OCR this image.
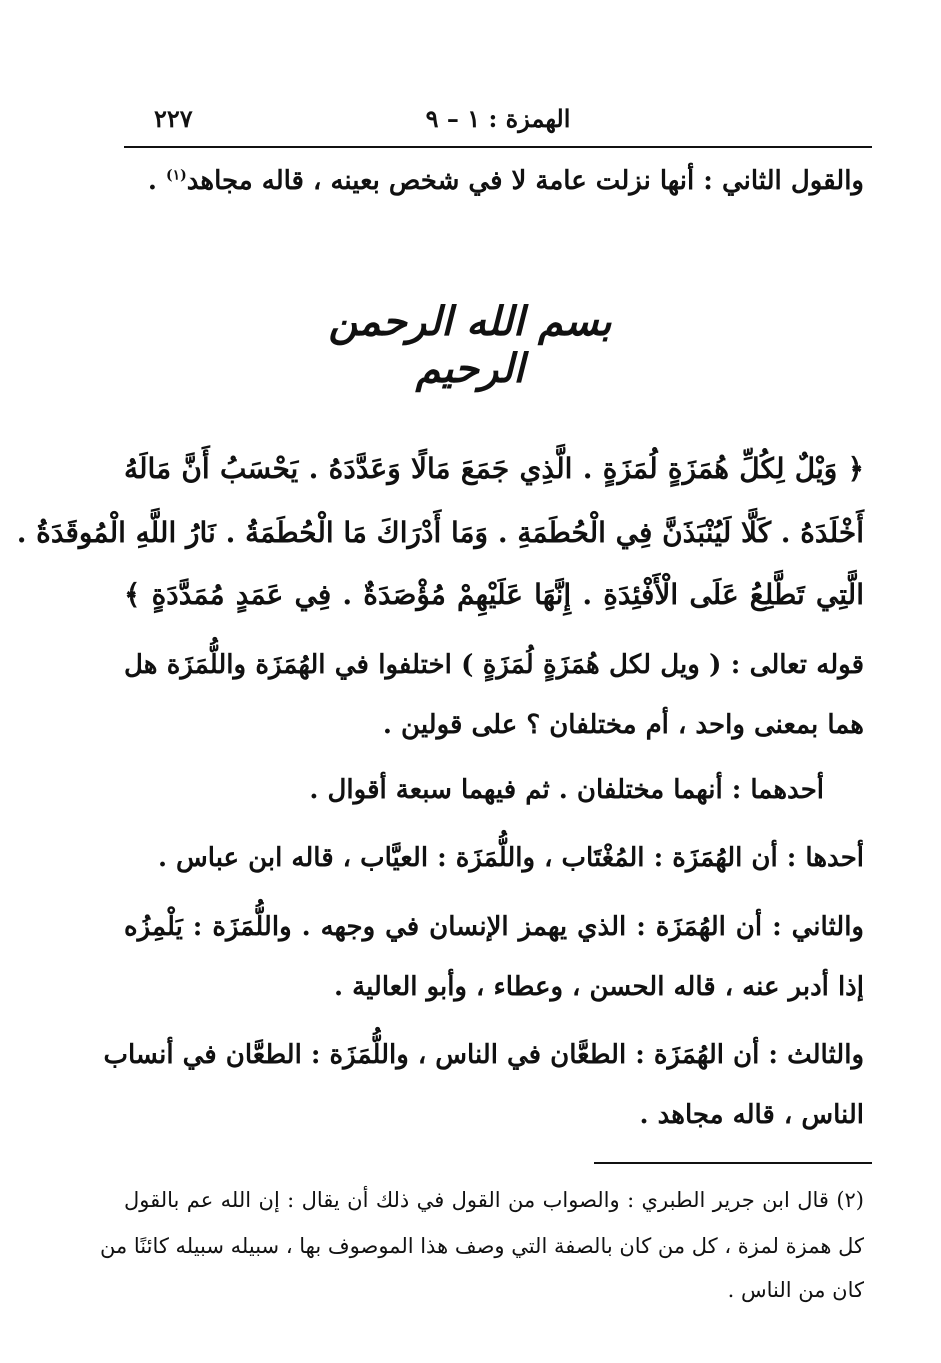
٢٢٧	الهمزة : ١ – ٩
والقول الثاني : أنها نزلت عامة لا في شخص بعينه ، قاله مجاهد$^{(١)}$ .
بسم الله الرحمن الرحيم
﴿ وَيْلٌ لِكُلِّ هُمَزَةٍ لُمَزَةٍ . الَّذِي جَمَعَ مَالًا وَعَدَّدَهُ . يَحْسَبُ أَنَّ مَالَهُ
أَخْلَدَهُ . كَلَّا لَيُنْبَذَنَّ فِي الْحُطَمَةِ . وَمَا أَدْرَاكَ مَا الْحُطَمَةُ . نَارُ اللَّهِ الْمُوقَدَةُ .
الَّتِي تَطَّلِعُ عَلَى الْأَفْئِدَةِ . إِنَّهَا عَلَيْهِمْ مُؤْصَدَةٌ . فِي عَمَدٍ مُمَدَّدَةٍ ﴾
قوله تعالى : ( ويل لكل هُمَزَةٍ لُمَزَةٍ ) اختلفوا في الهُمَزَة واللُّمَزَة هل
هما بمعنى واحد ، أم مختلفان ؟ على قولين .
أحدهما : أنهما مختلفان . ثم فيهما سبعة أقوال .
أحدها : أن الهُمَزَة : المُغْتَاب ، واللُّمَزَة : العيَّاب ، قاله ابن عباس .
والثاني : أن الهُمَزَة : الذي يهمز الإنسان في وجهه . واللُّمَزَة : يَلْمِزُه
إذا أدبر عنه ، قاله الحسن ، وعطاء ، وأبو العالية .
والثالث : أن الهُمَزَة : الطعَّان في الناس ، واللُّمَزَة : الطعَّان في أنساب
الناس ، قاله مجاهد .
(٢) قال ابن جرير الطبري : والصواب من القول في ذلك أن يقال : إن الله عم بالقول
كل همزة لمزة ، كل من كان بالصفة التي وصف هذا الموصوف بها ، سبيله سبيله كائنًا من
كان من الناس .
